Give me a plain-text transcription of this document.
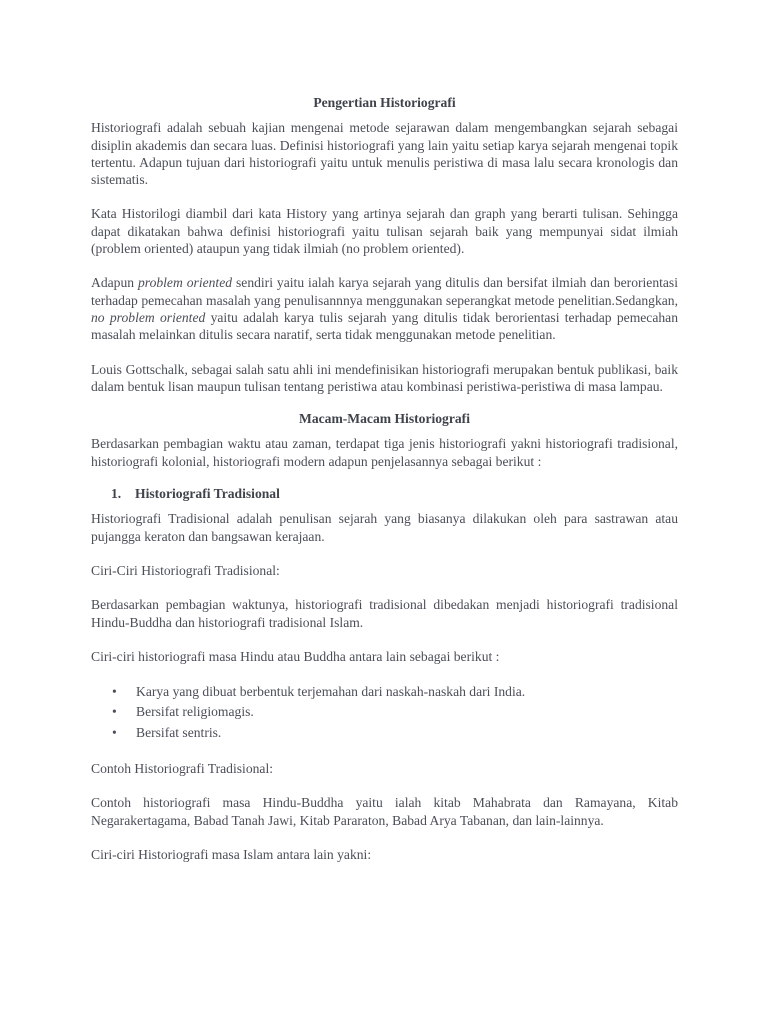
Pengertian Historiografi

Historiografi adalah sebuah kajian mengenai metode sejarawan dalam mengembangkan sejarah sebagai disiplin akademis dan secara luas. Definisi historiografi yang lain yaitu setiap karya sejarah mengenai topik tertentu. Adapun tujuan dari historiografi yaitu untuk menulis peristiwa di masa lalu secara kronologis dan sistematis.

Kata Historilogi diambil dari kata History yang artinya sejarah dan graph yang berarti tulisan. Sehingga dapat dikatakan bahwa definisi historiografi yaitu tulisan sejarah baik yang mempunyai sidat ilmiah (problem oriented) ataupun yang tidak ilmiah (no problem oriented).

Adapun problem oriented sendiri yaitu ialah karya sejarah yang ditulis dan bersifat ilmiah dan berorientasi terhadap pemecahan masalah yang penulisannnya menggunakan seperangkat metode penelitian.Sedangkan, no problem oriented yaitu adalah karya tulis sejarah yang ditulis tidak berorientasi terhadap pemecahan masalah melainkan ditulis secara naratif, serta tidak menggunakan metode penelitian.

Louis Gottschalk, sebagai salah satu ahli ini mendefinisikan historiografi merupakan bentuk publikasi, baik dalam bentuk lisan maupun tulisan tentang peristiwa atau kombinasi peristiwa-peristiwa di masa lampau.

Macam-Macam Historiografi

Berdasarkan pembagian waktu atau zaman, terdapat tiga jenis historiografi yakni historiografi tradisional, historiografi kolonial, historiografi modern adapun penjelasannya sebagai berikut :

1. Historiografi Tradisional

Historiografi Tradisional adalah penulisan sejarah yang biasanya dilakukan oleh para sastrawan atau pujangga keraton dan bangsawan kerajaan.

Ciri-Ciri Historiografi Tradisional:

Berdasarkan pembagian waktunya, historiografi tradisional dibedakan menjadi historiografi tradisional Hindu-Buddha dan historiografi tradisional Islam.

Ciri-ciri historiografi masa Hindu atau Buddha antara lain sebagai berikut :

• Karya yang dibuat berbentuk terjemahan dari naskah-naskah dari India.
• Bersifat religiomagis.
• Bersifat sentris.

Contoh Historiografi Tradisional:

Contoh historiografi masa Hindu-Buddha yaitu ialah kitab Mahabrata dan Ramayana, Kitab Negarakertagama, Babad Tanah Jawi, Kitab Pararaton, Babad Arya Tabanan, dan lain-lainnya.

Ciri-ciri Historiografi masa Islam antara lain yakni:
